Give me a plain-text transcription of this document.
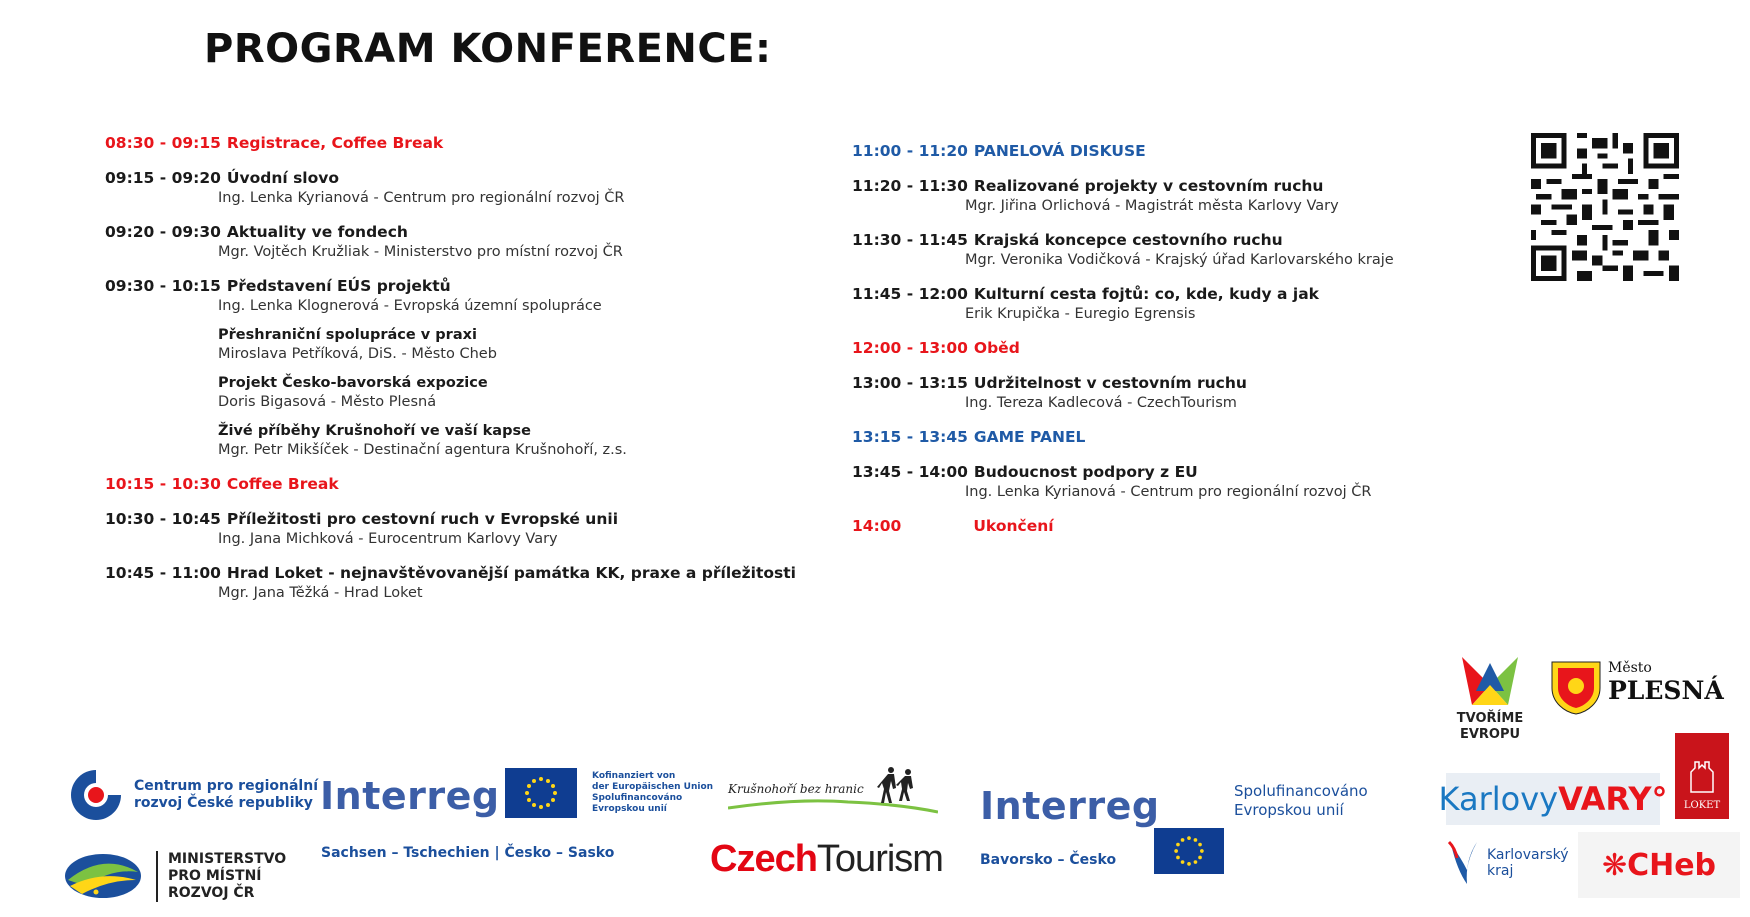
PROGRAM KONFERENCE:
08:30 - 09:15 Registrace, Coffee Break
09:15 - 09:20 Úvodní slovo
Ing. Lenka Kyrianová - Centrum pro regionální rozvoj ČR
09:20 - 09:30 Aktuality ve fondech
Mgr. Vojtěch Kružliak - Ministerstvo pro místní rozvoj ČR
09:30 - 10:15 Představení EÚS projektů
Ing. Lenka Klognerová - Evropská územní spolupráce
Přeshraniční spolupráce v praxi
Miroslava Petříková, DiS. - Město Cheb
Projekt Česko-bavorská expozice
Doris Bigasová - Město Plesná
Živé příběhy Krušnohoří ve vaší kapse
Mgr. Petr Mikšíček - Destinační agentura Krušnohoří, z.s.
10:15 - 10:30 Coffee Break
10:30 - 10:45 Příležitosti pro cestovní ruch v Evropské unii
Ing. Jana Michková - Eurocentrum Karlovy Vary
10:45 - 11:00 Hrad Loket - nejnavštěvovanější památka KK, praxe a příležitosti
Mgr. Jana Těžká - Hrad Loket
11:00 - 11:20 PANELOVÁ DISKUSE
11:20 - 11:30 Realizované projekty v cestovním ruchu
Mgr. Jiřina Orlichová - Magistrát města Karlovy Vary
11:30 - 11:45 Krajská koncepce cestovního ruchu
Mgr. Veronika Vodičková - Krajský úřad Karlovarského kraje
11:45 - 12:00 Kulturní cesta fojtů: co, kde, kudy a jak
Erik Krupička - Euregio Egrensis
12:00 - 13:00 Oběd
13:00 - 13:15 Udržitelnost v cestovním ruchu
Ing. Tereza Kadlecová - CzechTourism
13:15 - 13:45 GAME PANEL
13:45 - 14:00 Budoucnost podpory z EU
Ing. Lenka Kyrianová - Centrum pro regionální rozvoj ČR
14:00	Ukončení
Centrum pro regionální
rozvoj České republiky
MINISTERSTVO
PRO MÍSTNÍ
ROZVOJ ČR
Interreg	Kofinanziert von
der Europäischen Union
Spolufinancováno
Evropskou unií
Sachsen – Tschechien | Česko – Sasko
Krušnohoří bez hranic
CzechTourism
Interreg	Spolufinancováno
Evropskou unií
Bavorsko – Česko
TVOŘÍME
EVROPU
Město
PLESNÁ
Karlovy VARY° LOKET
Karlovarský
kraj	❋CHeb
